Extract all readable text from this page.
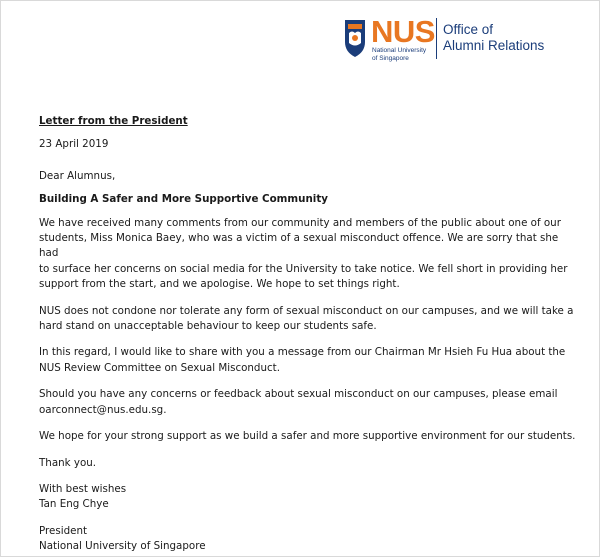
NUS
National University of Singapore
Office of
Alumni Relations
Letter from the President
23 April 2019
Dear Alumnus,
Building A Safer and More Supportive Community
We have received many comments from our community and members of the public about one of our
students, Miss Monica Baey, who was a victim of a sexual misconduct offence. We are sorry that she had
to surface her concerns on social media for the University to take notice. We fell short in providing her
support from the start, and we apologise. We hope to set things right.
NUS does not condone nor tolerate any form of sexual misconduct on our campuses, and we will take a
hard stand on unacceptable behaviour to keep our students safe.
In this regard, I would like to share with you a message from our Chairman Mr Hsieh Fu Hua about the
NUS Review Committee on Sexual Misconduct.
Should you have any concerns or feedback about sexual misconduct on our campuses, please email
oarconnect@nus.edu.sg.
We hope for your strong support as we build a safer and more supportive environment for our students.
Thank you.
With best wishes
Tan Eng Chye
President
National University of Singapore
